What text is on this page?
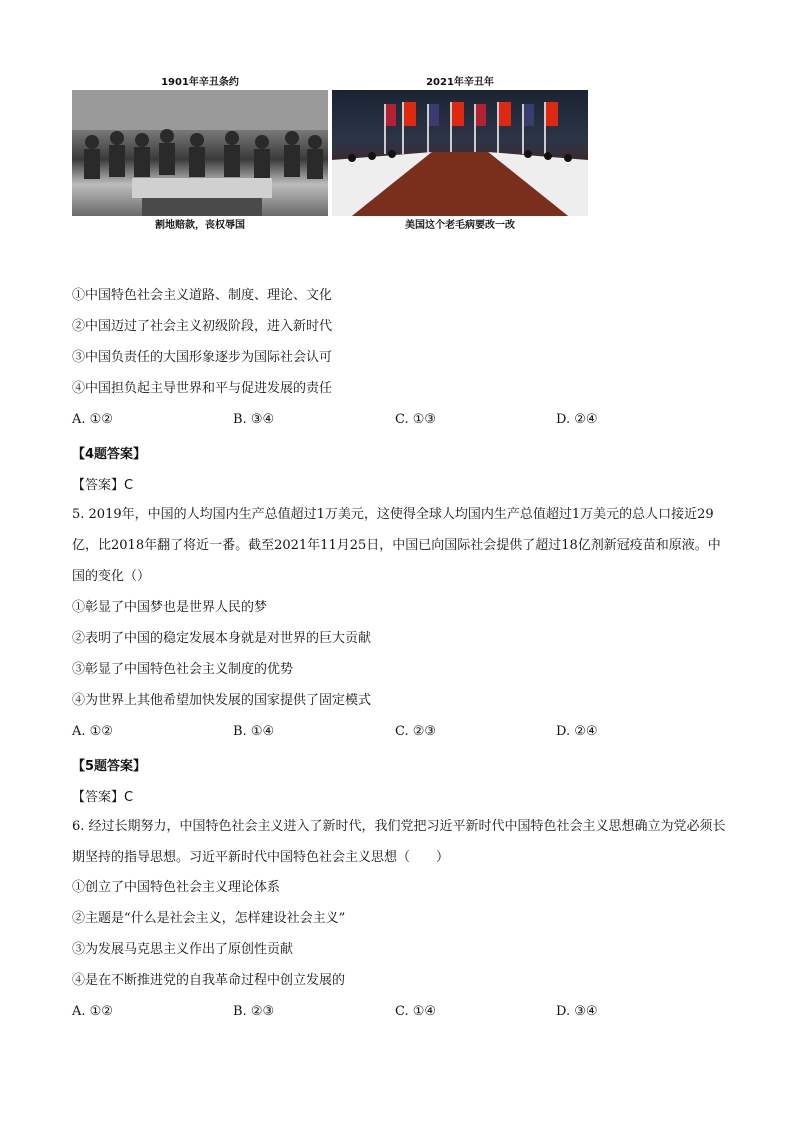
1901年辛丑条约
割地赔款，丧权辱国
2021年辛丑年
美国这个老毛病要改一改
①中国特色社会主义道路、制度、理论、文化
②中国迈过了社会主义初级阶段，进入新时代
③中国负责任的大国形象逐步为国际社会认可
④中国担负起主导世界和平与促进发展的责任
A. ①②	B. ③④	C. ①③	D. ②④
【4题答案】
【答案】C
5. 2019年，中国的人均国内生产总值超过1万美元，这使得全球人均国内生产总值超过1万美元的总人口接近29亿，比2018年翻了将近一番。截至2021年11月25日，中国已向国际社会提供了超过18亿剂新冠疫苗和原液。中国的变化（）
①彰显了中国梦也是世界人民的梦
②表明了中国的稳定发展本身就是对世界的巨大贡献
③彰显了中国特色社会主义制度的优势
④为世界上其他希望加快发展的国家提供了固定模式
A. ①②	B. ①④	C. ②③	D. ②④
【5题答案】
【答案】C
6. 经过长期努力，中国特色社会主义进入了新时代，我们党把习近平新时代中国特色社会主义思想确立为党必须长期坚持的指导思想。习近平新时代中国特色社会主义思想（　　）
①创立了中国特色社会主义理论体系
②主题是“什么是社会主义，怎样建设社会主义”
③为发展马克思主义作出了原创性贡献
④是在不断推进党的自我革命过程中创立发展的
A. ①②	B. ②③	C. ①④	D. ③④
